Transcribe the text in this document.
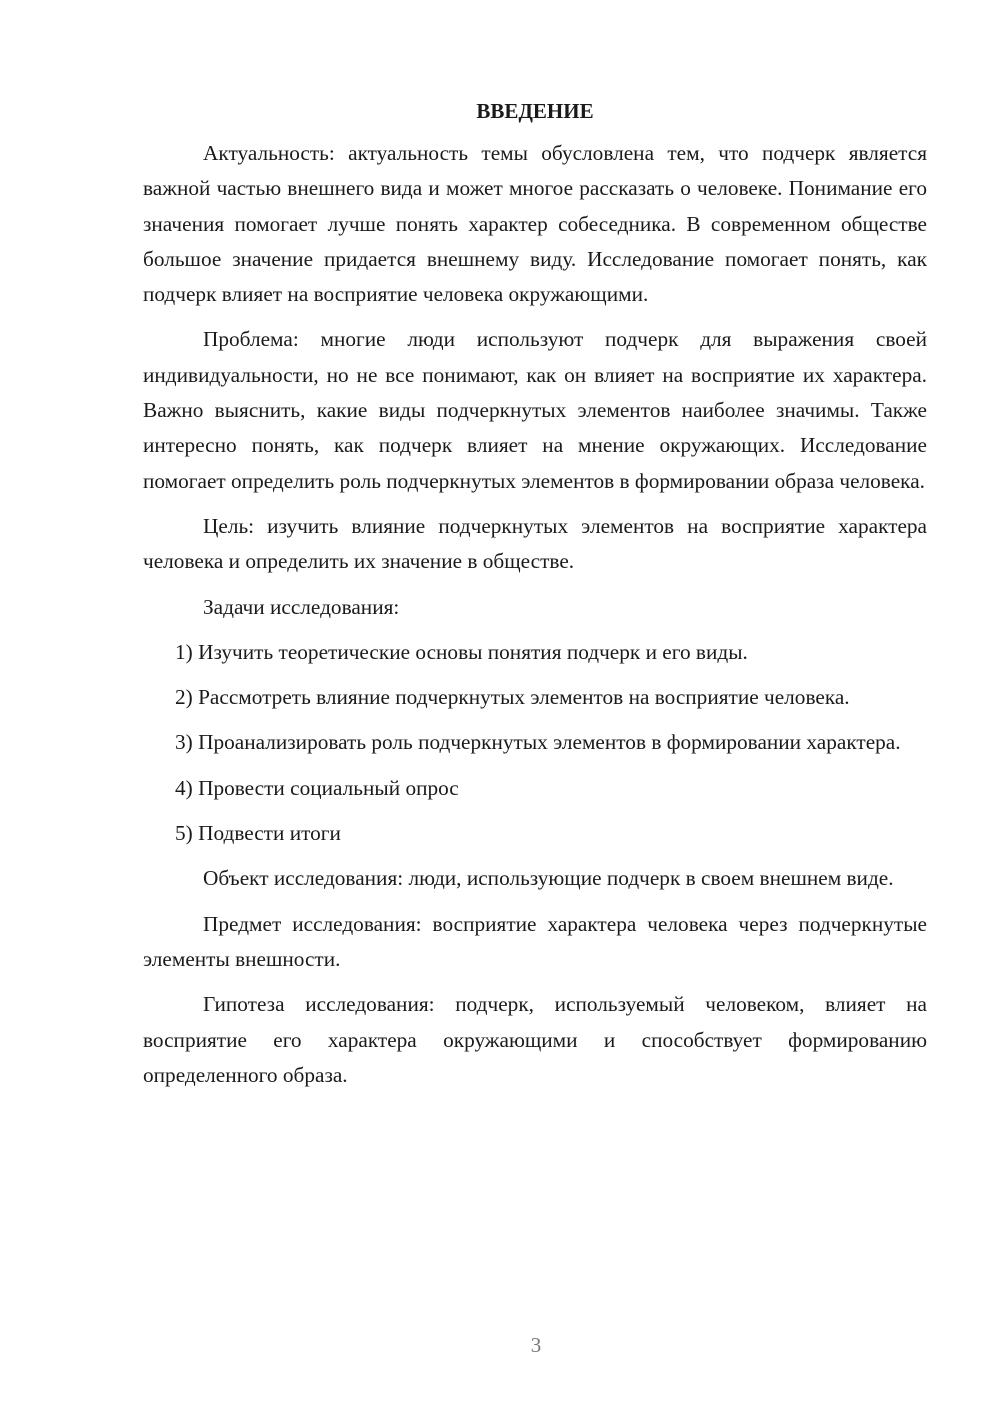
ВВЕДЕНИЕ

Актуальность: актуальность темы обусловлена тем, что подчерк является важной частью внешнего вида и может многое рассказать о человеке. Понимание его значения помогает лучше понять характер собеседника. В современном обществе большое значение придается внешнему виду. Исследование помогает понять, как подчерк влияет на восприятие человека окружающими.

Проблема: многие люди используют подчерк для выражения своей индивидуальности, но не все понимают, как он влияет на восприятие их характера. Важно выяснить, какие виды подчеркнутых элементов наиболее значимы. Также интересно понять, как подчерк влияет на мнение окружающих. Исследование помогает определить роль подчеркнутых элементов в формировании образа человека.

Цель: изучить влияние подчеркнутых элементов на восприятие характера человека и определить их значение в обществе.

Задачи исследования:

1) Изучить теоретические основы понятия подчерк и его виды.

2) Рассмотреть влияние подчеркнутых элементов на восприятие человека.

3) Проанализировать роль подчеркнутых элементов в формировании характера.

4) Провести социальный опрос

5) Подвести итоги

Объект исследования: люди, использующие подчерк в своем внешнем виде.

Предмет исследования: восприятие характера человека через подчеркнутые элементы внешности.

Гипотеза исследования: подчерк, используемый человеком, влияет на восприятие его характера окружающими и способствует формированию определенного образа.

3
